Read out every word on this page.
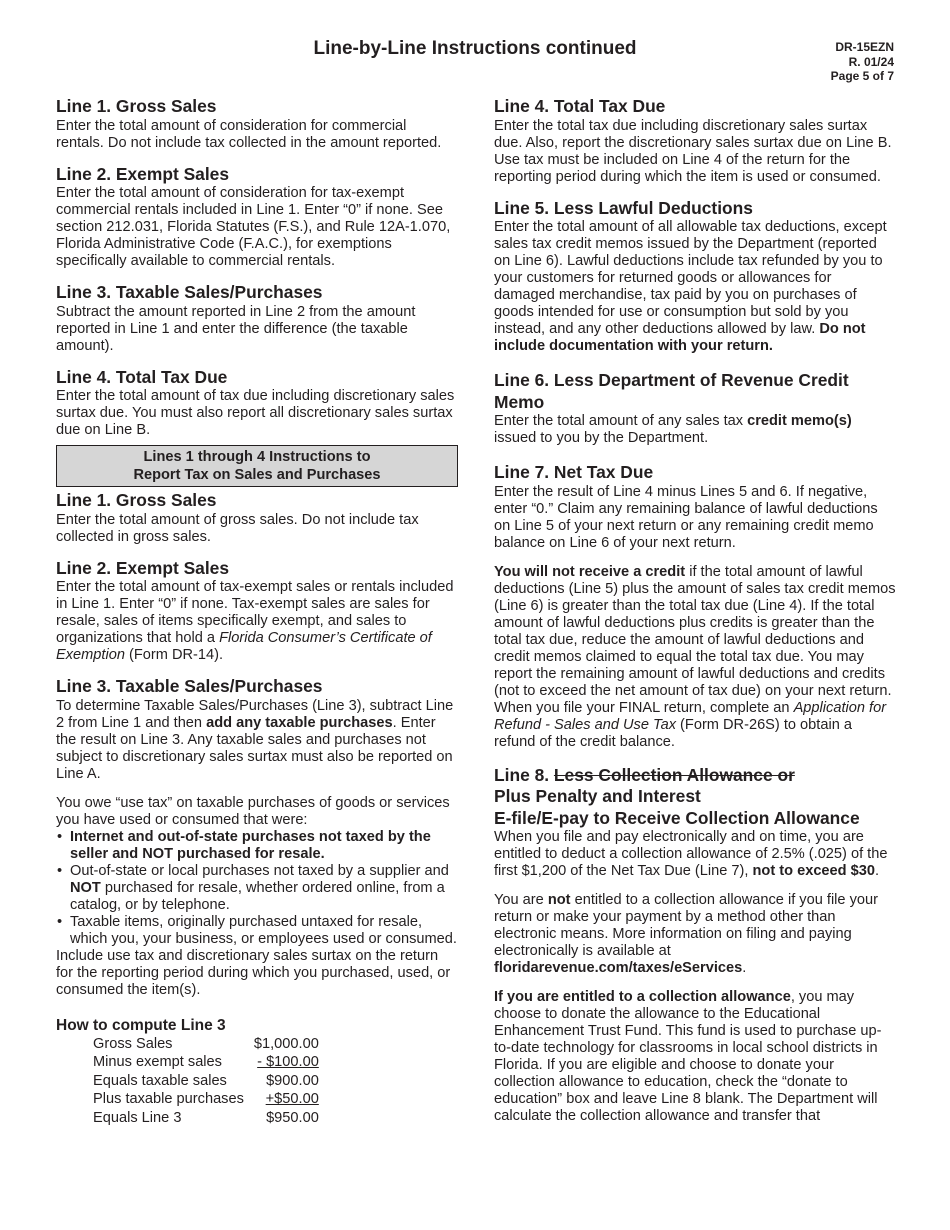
Line-by-Line Instructions continued	DR-15EZN
R. 01/24
Page 5 of 7
Line 1. Gross Sales

Enter the total amount of consideration for commercial rentals. Do not include tax collected in the amount reported.

Line 2. Exempt Sales

Enter the total amount of consideration for tax-exempt commercial rentals included in Line 1. Enter “0” if none. See section 212.031, Florida Statutes (F.S.), and Rule 12A-1.070, Florida Administrative Code (F.A.C.), for exemptions specifically available to commercial rentals.

Line 3. Taxable Sales/Purchases

Subtract the amount reported in Line 2 from the amount reported in Line 1 and enter the difference (the taxable amount).

Line 4. Total Tax Due

Enter the total amount of tax due including discretionary sales surtax due. You must also report all discretionary sales surtax due on Line B.

Lines 1 through 4 Instructions to
Report Tax on Sales and Purchases
Line 1. Gross Sales

Enter the total amount of gross sales. Do not include tax collected in gross sales.

Line 2. Exempt Sales

Enter the total amount of tax-exempt sales or rentals included in Line 1. Enter “0” if none. Tax-exempt sales are sales for resale, sales of items specifically exempt, and sales to organizations that hold a Florida Consumer’s Certificate of Exemption (Form DR-14).

Line 3. Taxable Sales/Purchases

To determine Taxable Sales/Purchases (Line 3), subtract Line 2 from Line 1 and then add any taxable purchases. Enter the result on Line 3. Any taxable sales and purchases not subject to discretionary sales surtax must also be reported on Line A.

You owe “use tax” on taxable purchases of goods or services you have used or consumed that were:

• Internet and out-of-state purchases not taxed by the seller and NOT purchased for resale.
• Out-of-state or local purchases not taxed by a supplier and NOT purchased for resale, whether ordered online, from a catalog, or by telephone.
• Taxable items, originally purchased untaxed for resale, which you, your business, or employees used or consumed.

Include use tax and discretionary sales surtax on the return for the reporting period during which you purchased, used, or consumed the item(s).

How to compute Line 3
Gross Sales	$1,000.00
Minus exempt sales	- $100.00
Equals taxable sales	$900.00
Plus taxable purchases	+$50.00
Equals Line 3	$950.00
Line 4. Total Tax Due

Enter the total tax due including discretionary sales surtax due. Also, report the discretionary sales surtax due on Line B. Use tax must be included on Line 4 of the return for the reporting period during which the item is used or consumed.

Line 5. Less Lawful Deductions

Enter the total amount of all allowable tax deductions, except sales tax credit memos issued by the Department (reported on Line 6). Lawful deductions include tax refunded by you to your customers for returned goods or allowances for damaged merchandise, tax paid by you on purchases of goods intended for use or consumption but sold by you instead, and any other deductions allowed by law. Do not include documentation with your return.

Line 6. Less Department of Revenue Credit Memo

Enter the total amount of any sales tax credit memo(s) issued to you by the Department.

Line 7. Net Tax Due

Enter the result of Line 4 minus Lines 5 and 6. If negative, enter “0.” Claim any remaining balance of lawful deductions on Line 5 of your next return or any remaining credit memo balance on Line 6 of your next return.

You will not receive a credit if the total amount of lawful deductions (Line 5) plus the amount of sales tax credit memos (Line 6) is greater than the total tax due (Line 4). If the total amount of lawful deductions plus credits is greater than the total tax due, reduce the amount of lawful deductions and credit memos claimed to equal the total tax due. You may report the remaining amount of lawful deductions and credits (not to exceed the net amount of tax due) on your next return. When you file your FINAL return, complete an Application for Refund - Sales and Use Tax (Form DR-26S) to obtain a refund of the credit balance.

Line 8. Less Collection Allowance or
Plus Penalty and Interest
E-file/E-pay to Receive Collection Allowance

When you file and pay electronically and on time, you are entitled to deduct a collection allowance of 2.5% (.025) of the first $1,200 of the Net Tax Due (Line 7), not to exceed $30.

You are not entitled to a collection allowance if you file your return or make your payment by a method other than electronic means. More information on filing and paying electronically is available at floridarevenue.com/taxes/eServices.

If you are entitled to a collection allowance, you may choose to donate the allowance to the Educational Enhancement Trust Fund. This fund is used to purchase up-to-date technology for classrooms in local school districts in Florida. If you are eligible and choose to donate your collection allowance to education, check the “donate to education” box and leave Line 8 blank. The Department will calculate the collection allowance and transfer that
